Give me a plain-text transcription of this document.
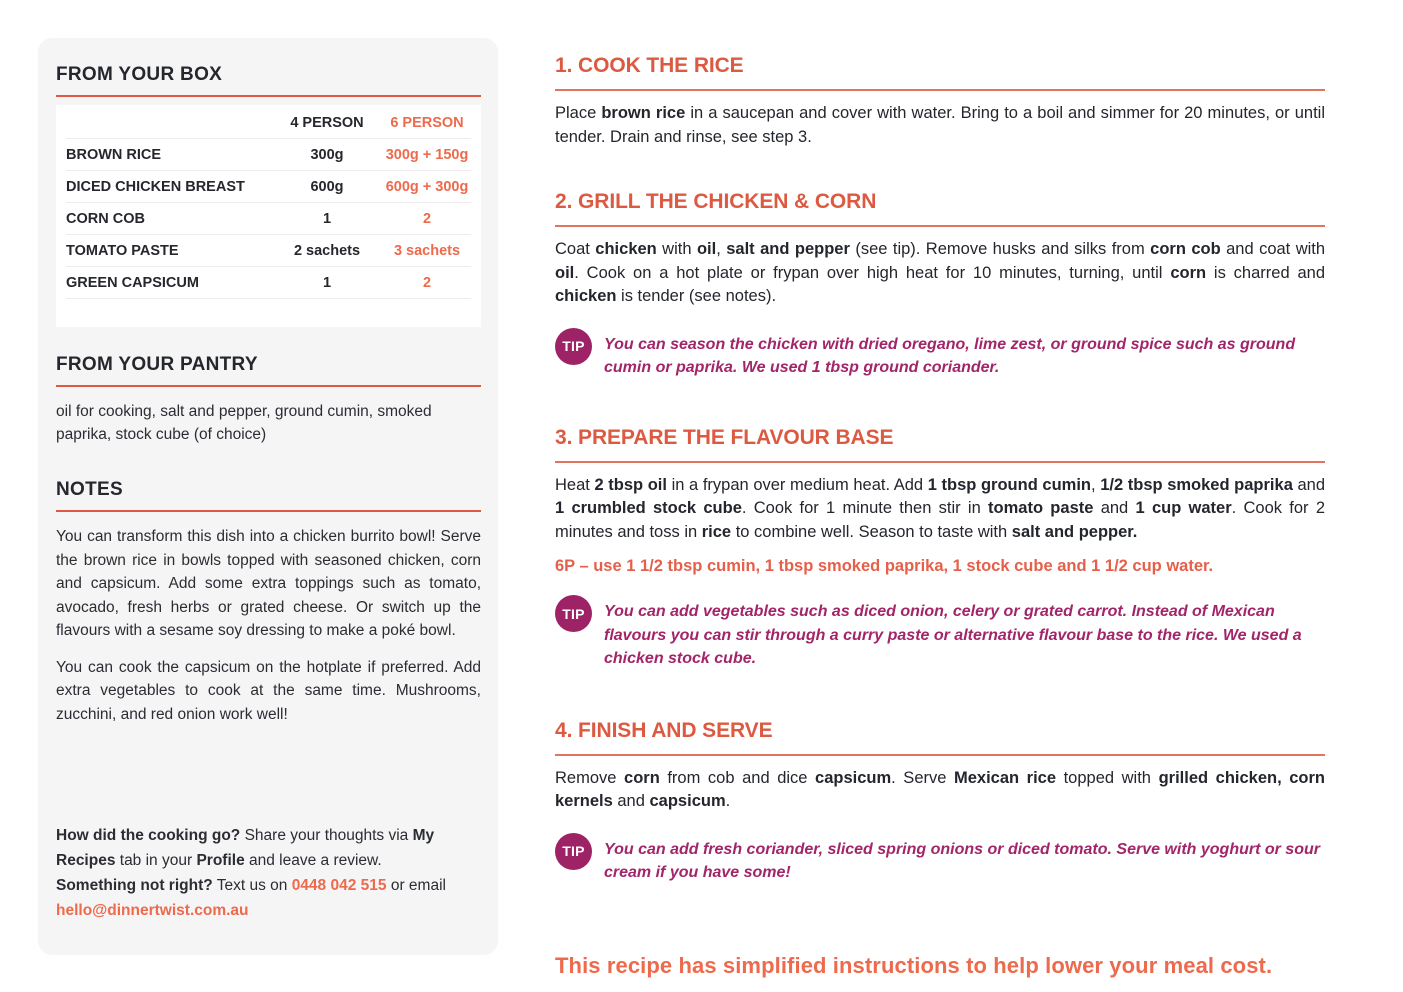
FROM YOUR BOX
4 PERSON	6 PERSON
BROWN RICE	300g	300g + 150g
DICED CHICKEN BREAST	600g	600g + 300g
CORN COB	1	2
TOMATO PASTE	2 sachets	3 sachets
GREEN CAPSICUM	1	2
FROM YOUR PANTRY

oil for cooking, salt and pepper, ground cumin, smoked paprika, stock cube (of choice)

NOTES

You can transform this dish into a chicken burrito bowl! Serve the brown rice in bowls topped with seasoned chicken, corn and capsicum. Add some extra toppings such as tomato, avocado, fresh herbs or grated cheese. Or switch up the flavours with a sesame soy dressing to make a poké bowl.

You can cook the capsicum on the hotplate if preferred. Add extra vegetables to cook at the same time. Mushrooms, zucchini, and red onion work well!

How did the cooking go? Share your thoughts via My Recipes tab in your Profile and leave a review.
Something not right? Text us on 0448 042 515 or email hello@dinnertwist.com.au

1. COOK THE RICE

Place brown rice in a saucepan and cover with water. Bring to a boil and simmer for 20 minutes, or until tender. Drain and rinse, see step 3.

2. GRILL THE CHICKEN & CORN

Coat chicken with oil, salt and pepper (see tip). Remove husks and silks from corn cob and coat with oil. Cook on a hot plate or frypan over high heat for 10 minutes, turning, until corn is charred and chicken is tender (see notes).

TIP	You can season the chicken with dried oregano, lime zest, or ground spice such as ground cumin or paprika. We used 1 tbsp ground coriander.
3. PREPARE THE FLAVOUR BASE

Heat 2 tbsp oil in a frypan over medium heat. Add 1 tbsp ground cumin, 1/2 tbsp smoked paprika and 1 crumbled stock cube. Cook for 1 minute then stir in tomato paste and 1 cup water. Cook for 2 minutes and toss in rice to combine well. Season to taste with salt and pepper.

6P – use 1 1/2 tbsp cumin, 1 tbsp smoked paprika, 1 stock cube and 1 1/2 cup water.

TIP	You can add vegetables such as diced onion, celery or grated carrot. Instead of Mexican flavours you can stir through a curry paste or alternative flavour base to the rice. We used a chicken stock cube.
4. FINISH AND SERVE

Remove corn from cob and dice capsicum. Serve Mexican rice topped with grilled chicken, corn kernels and capsicum.

TIP	You can add fresh coriander, sliced spring onions or diced tomato. Serve with yoghurt or sour cream if you have some!

This recipe has simplified instructions to help lower your meal cost.
